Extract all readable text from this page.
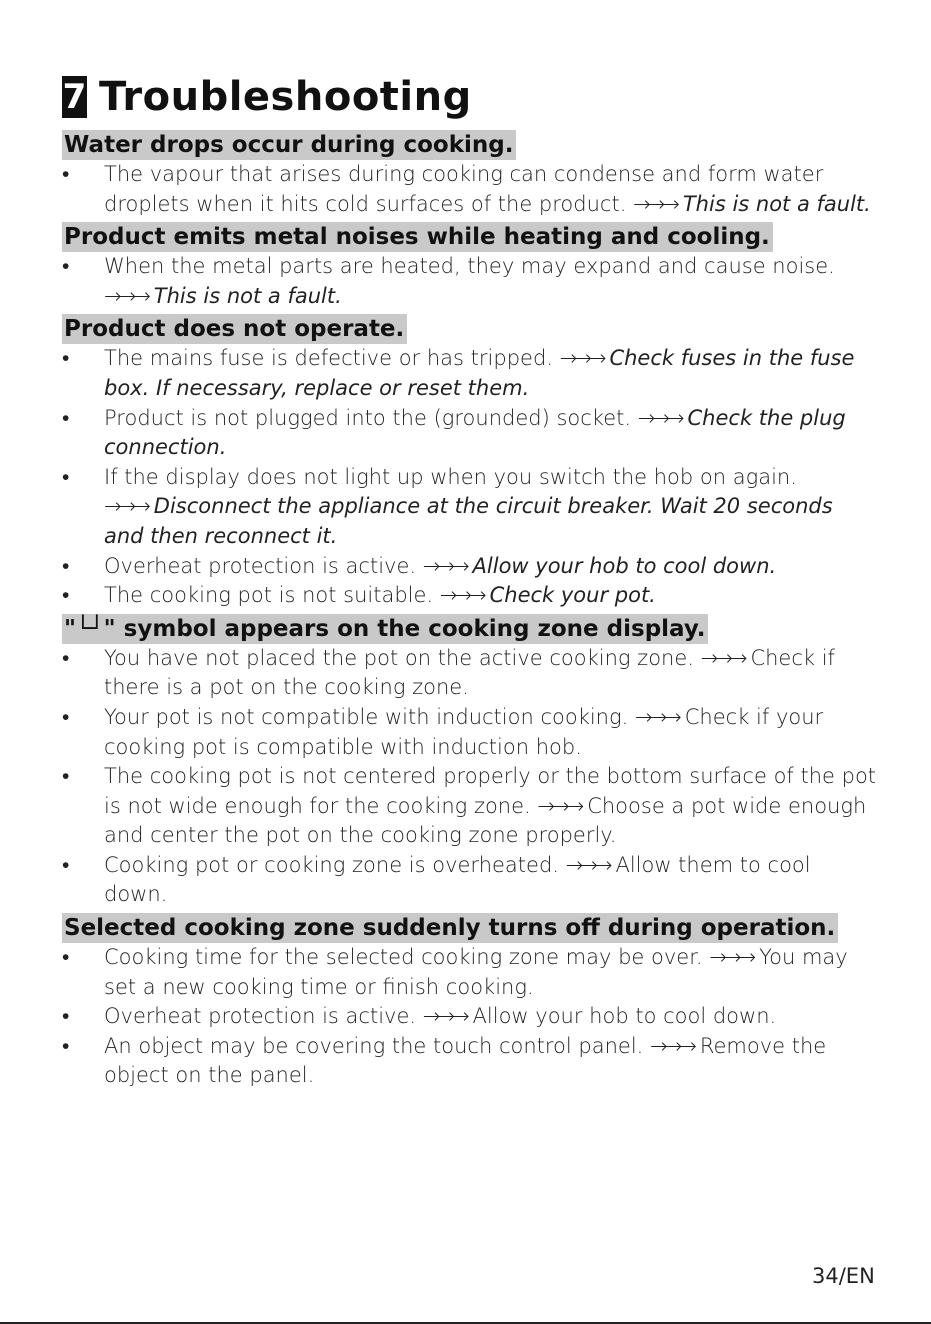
7 Troubleshooting
Water drops occur during cooking.
• The vapour that arises during cooking can condense and form water droplets when it hits cold surfaces of the product. →→→ This is not a fault.
Product emits metal noises while heating and cooling.
• When the metal parts are heated, they may expand and cause noise. →→→ This is not a fault.
Product does not operate.
• The mains fuse is defective or has tripped. →→→ Check fuses in the fuse box. If necessary, replace or reset them.
• Product is not plugged into the (grounded) socket. →→→ Check the plug connection.
• If the display does not light up when you switch the hob on again. →→→ Disconnect the appliance at the circuit breaker. Wait 20 seconds and then reconnect it.
• Overheat protection is active. →→→ Allow your hob to cool down.
• The cooking pot is not suitable. →→→ Check your pot.
"└┘" symbol appears on the cooking zone display.
• You have not placed the pot on the active cooking zone. →→→ Check if there is a pot on the cooking zone.
• Your pot is not compatible with induction cooking. →→→ Check if your cooking pot is compatible with induction hob.
• The cooking pot is not centered properly or the bottom surface of the pot is not wide enough for the cooking zone. →→→ Choose a pot wide enough and center the pot on the cooking zone properly.
• Cooking pot or cooking zone is overheated. →→→ Allow them to cool down.
Selected cooking zone suddenly turns off during operation.
• Cooking time for the selected cooking zone may be over. →→→ You may set a new cooking time or finish cooking.
• Overheat protection is active. →→→ Allow your hob to cool down.
• An object may be covering the touch control panel. →→→ Remove the object on the panel.
34/EN
